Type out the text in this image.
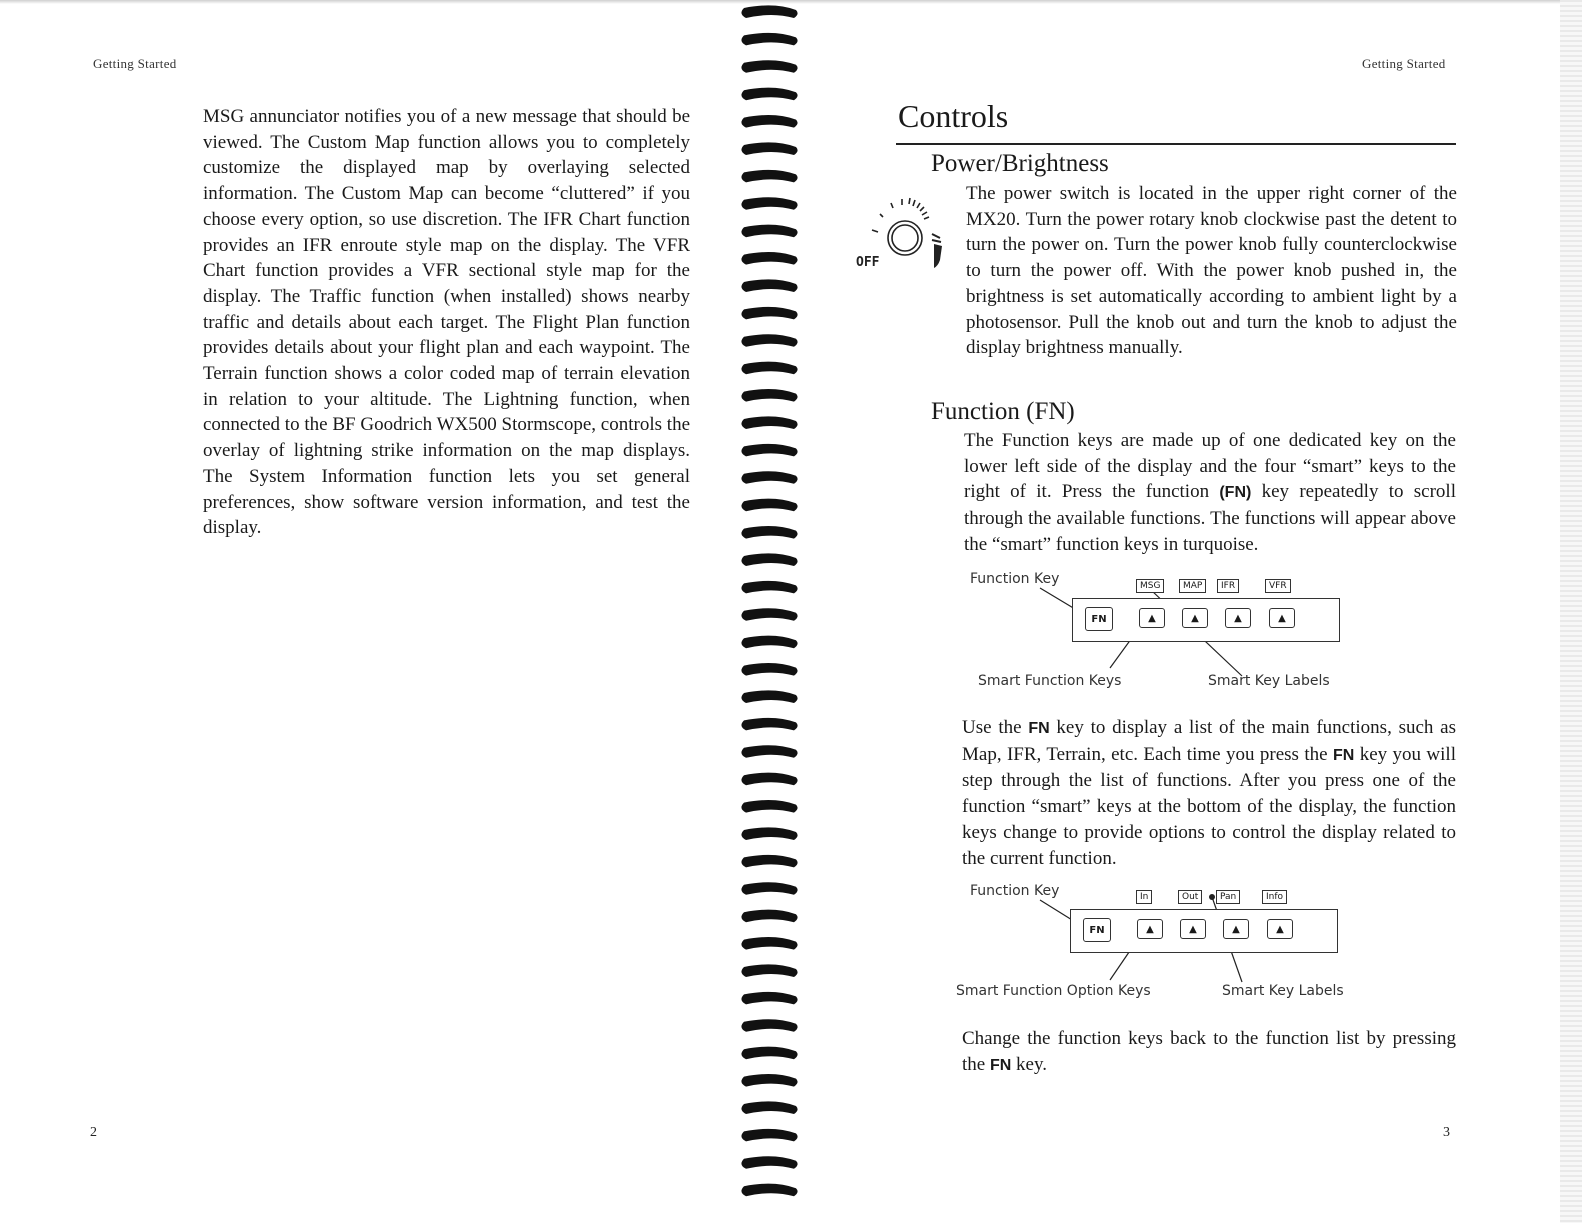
Getting Started

MSG annunciator notifies you of a new message that should be viewed. The Custom Map function allows you to completely customize the displayed map by overlaying selected information. The Custom Map can become “cluttered” if you choose every option, so use discretion. The IFR Chart function provides an IFR enroute style map on the display. The VFR Chart function provides a VFR sectional style map for the display. The Traffic function (when installed) shows nearby traffic and details about each target. The Flight Plan function provides details about your flight plan and each waypoint. The Terrain function shows a color coded map of terrain elevation in relation to your altitude. The Lightning function, when connected to the BF Goodrich WX500 Stormscope, controls the overlay of lightning strike information on the map displays. The System Information function lets you set general preferences, show software version information, and test the display.

2
Getting Started
Controls
Power/Brightness
OFF

The power switch is located in the upper right corner of the MX20. Turn the power rotary knob clockwise past the detent to turn the power on. Turn the power knob fully counterclockwise to turn the power off. With the power knob pushed in, the brightness is set automatically according to ambient light by a photosensor. Pull the knob out and turn the knob to adjust the display brightness manually.

Function (FN)

The Function keys are made up of one dedicated key on the lower left side of the display and the four “smart” keys to the right of it. Press the function (FN) key repeatedly to scroll through the available functions. The functions will appear above the “smart” function keys in turquoise.

Function Key	MSG	MAP	IFR	VFR
FN	▲	▲	▲	▲
Smart Function Keys	Smart Key Labels

Use the FN key to display a list of the main functions, such as Map, IFR, Terrain, etc. Each time you press the FN key you will step through the list of functions. After you press one of the function “smart” keys at the bottom of the display, the function keys change to provide options to control the display related to the current function.

Function Key	In	Out	Pan	Info
FN	▲	▲	▲	▲
Smart Function Option Keys	Smart Key Labels

Change the function keys back to the function list by pressing the FN key.

3
